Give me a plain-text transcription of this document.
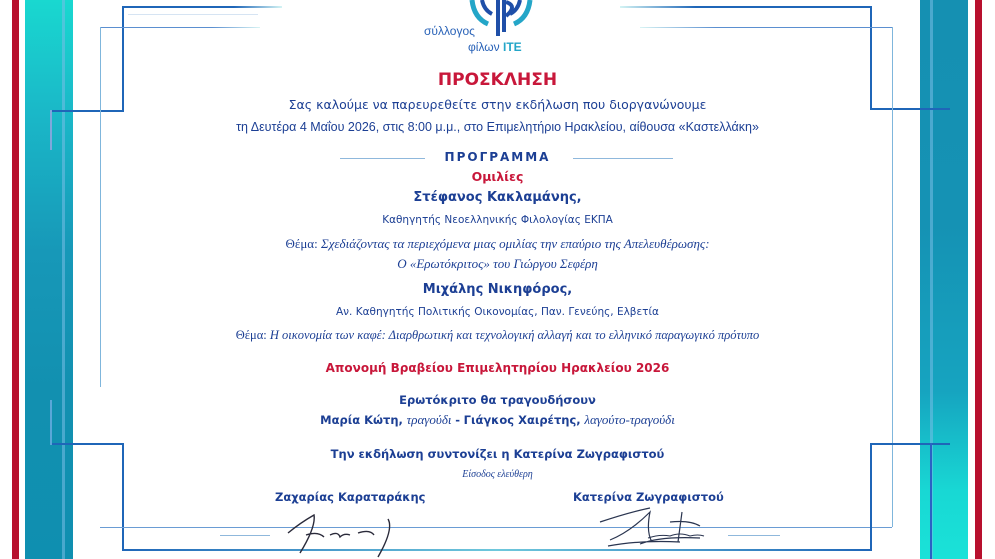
σύλλογος
φίλων ΙΤΕ
ΠΡΟΣΚΛΗΣΗ
Σας καλούμε να παρευρεθείτε στην εκδήλωση που διοργανώνουμε
τη Δευτέρα 4 Μαΐου 2026, στις 8:00 μ.μ., στο Επιμελητήριο Ηρακλείου, αίθουσα «Καστελλάκη»
ΠΡΟΓΡΑΜΜΑ
Ομιλίες
Στέφανος Κακλαμάνης,
Καθηγητής Νεοελληνικής Φιλολογίας ΕΚΠΑ
Θέμα: Σχεδιάζοντας τα περιεχόμενα μιας ομιλίας την επαύριο της Απελευθέρωσης:
Ο «Ερωτόκριτος» του Γιώργου Σεφέρη
Μιχάλης Νικηφόρος,
Αν. Καθηγητής Πολιτικής Οικονομίας, Παν. Γενεύης, Ελβετία
Θέμα: Η οικονομία των καφέ: Διαρθρωτική και τεχνολογική αλλαγή και το ελληνικό παραγωγικό πρότυπο
Απονομή Βραβείου Επιμελητηρίου Ηρακλείου 2026
Ερωτόκριτο θα τραγουδήσουν
Μαρία Κώτη, τραγούδι - Γιάγκος Χαιρέτης, λαγούτο-τραγούδι
Την εκδήλωση συντονίζει η Κατερίνα Ζωγραφιστού
Είσοδος ελεύθερη
Ζαχαρίας Καραταράκης	Κατερίνα Ζωγραφιστού
